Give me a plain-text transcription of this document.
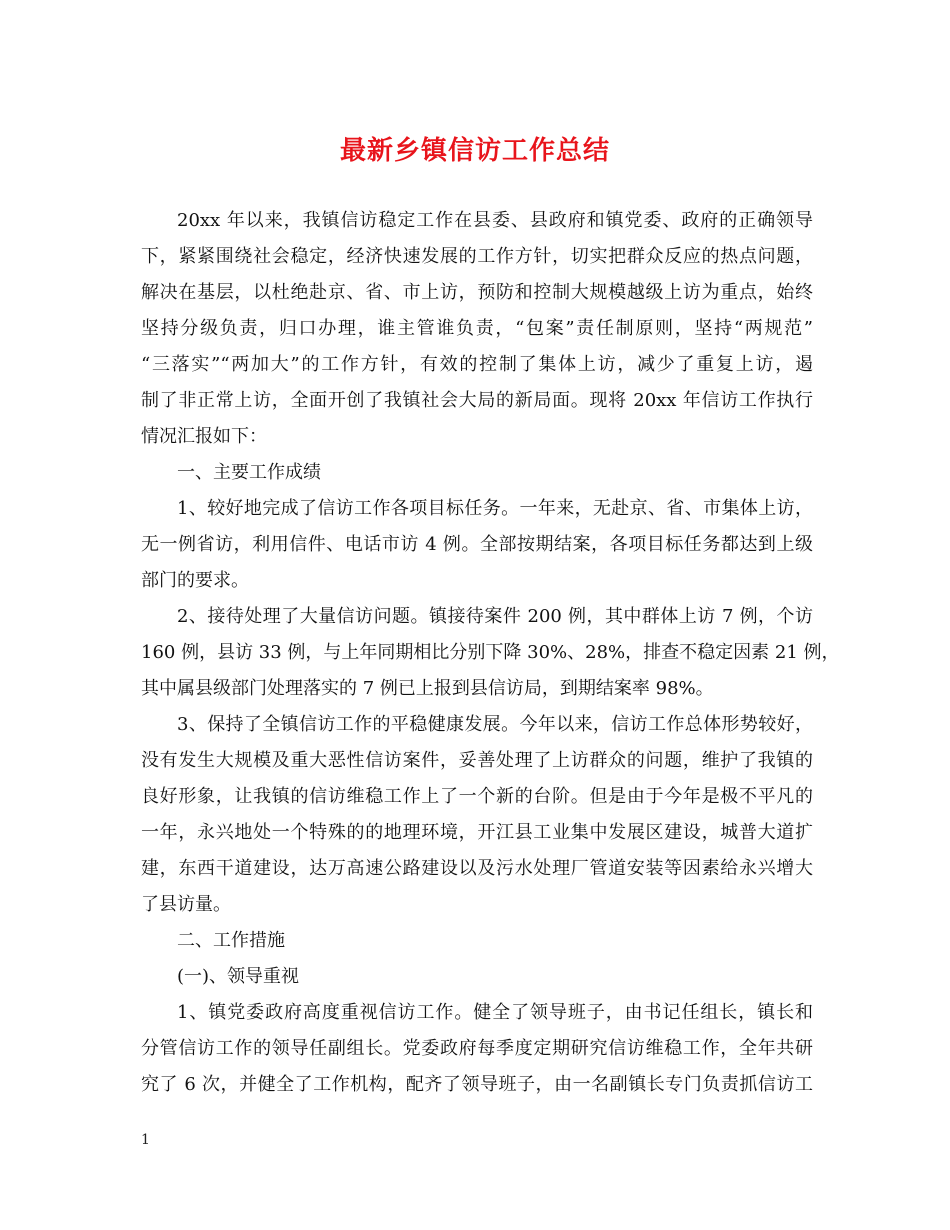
最新乡镇信访工作总结
20xx 年以来，我镇信访稳定工作在县委、县政府和镇党委、政府的正确领导
下，紧紧围绕社会稳定，经济快速发展的工作方针，切实把群众反应的热点问题，
解决在基层，以杜绝赴京、省、市上访，预防和控制大规模越级上访为重点，始终
坚持分级负责，归口办理，谁主管谁负责，“包案”责任制原则，坚持“两规范”
“三落实”“两加大”的工作方针，有效的控制了集体上访，减少了重复上访，遏
制了非正常上访，全面开创了我镇社会大局的新局面。现将 20xx 年信访工作执行
情况汇报如下：
一、主要工作成绩
1、较好地完成了信访工作各项目标任务。一年来，无赴京、省、市集体上访，
无一例省访，利用信件、电话市访 4 例。全部按期结案，各项目标任务都达到上级
部门的要求。
2、接待处理了大量信访问题。镇接待案件 200 例，其中群体上访 7 例，个访
160 例，县访 33 例，与上年同期相比分别下降 30%、28%，排查不稳定因素 21 例，
其中属县级部门处理落实的 7 例已上报到县信访局，到期结案率 98%。
3、保持了全镇信访工作的平稳健康发展。今年以来，信访工作总体形势较好，
没有发生大规模及重大恶性信访案件，妥善处理了上访群众的问题，维护了我镇的
良好形象，让我镇的信访维稳工作上了一个新的台阶。但是由于今年是极不平凡的
一年，永兴地处一个特殊的的地理环境，开江县工业集中发展区建设，城普大道扩
建，东西干道建设，达万高速公路建设以及污水处理厂管道安装等因素给永兴增大
了县访量。
二、工作措施
(一)、领导重视
1、镇党委政府高度重视信访工作。健全了领导班子，由书记任组长，镇长和
分管信访工作的领导任副组长。党委政府每季度定期研究信访维稳工作，全年共研
究了 6 次，并健全了工作机构，配齐了领导班子，由一名副镇长专门负责抓信访工
1
